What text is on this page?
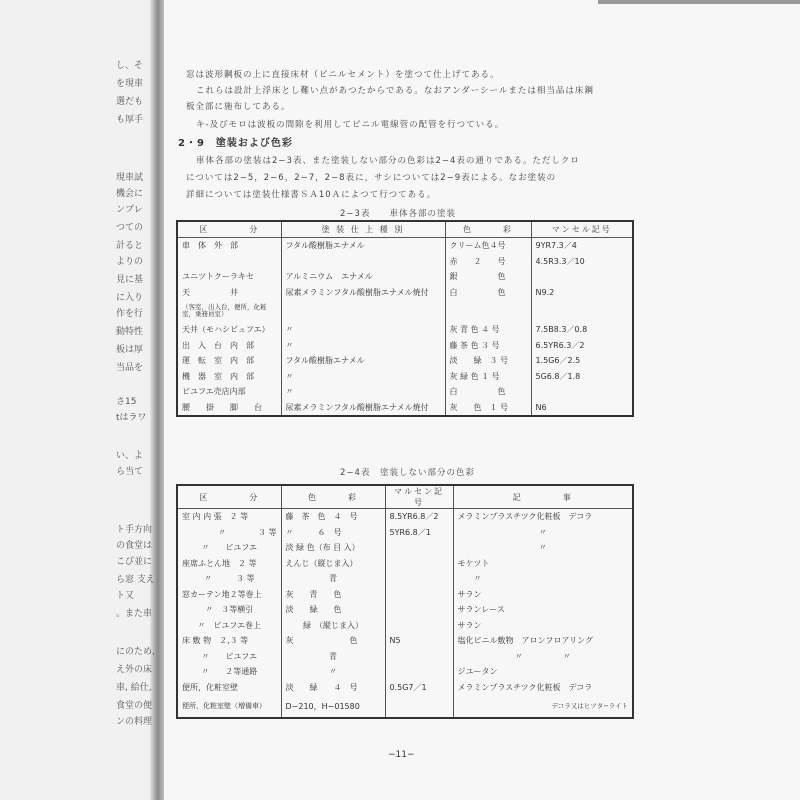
し、そ
を現車
選だも
も厚手
現車試
機会に
ンプレ
つての
計ると
よりの
見に基
に入り
作を行
動特性
板は厚
当品を
さ15
tはラワ
い、よ
ら当て
ト手方向
の食堂は
こび並に
ら窓 支え
ト又
。また車
にのため,
え外の床
車, 給仕,
食堂の便
ンの料理
窓は波形鋼板の上に直接床材（ビニルセメント）を塗つて仕上げてある。
これらは設計上浮床とし難い点があつたからである。なおアンダーシールまたは相当品は床鋼
板全部に施布してある。
キ-及びモロは波板の間隙を利用してビニル電線管の配管を行つている。
2・9　塗装および色彩
車体各部の塗装は2−3表、また塗装しない部分の色彩は2−4表の通りである。ただしクロ
については2−5，2−6，2−7，2−8表に，サシについては2−9表による。なお塗装の
詳細については塗装仕様書ＳＡ10Ａによつて行つてある。
2−3表　　車体各部の塗装
区　　　　分	塗 装 仕 上 種 別	色　　　彩	マンセル記号
車　体　外　部	フタル酸樹脂エナメル	クリーム色４号	9YR7.3／4
		赤　　２　　号	4.5R3.3／10
ユニツトクーラキセ	アルミニウム　エナメル	銀　　　　　色	
天　　　　　井	尿素メラミンフタル酸樹脂エナメル焼付	白　　　　　色	N9.2
（客室，出入台，便所，化粧室，乗務員室）			
天井（モハシビュフエ）	〃	灰 青 色 ４ 号	7.5B8.3／0.8
出　入　台　内　部	〃	藤 茶 色 ３ 号	6.5YR6.3／2
運　転　室　内　部	フタル酸樹脂エナメル	淡　　緑　３ 号	1.5G6／2.5
機　器　室　内　部	〃	灰 緑 色 １ 号	5G6.8／1.8
ビユフエ売店内部	〃	白　　　　　色	
腰　　掛　　脚　　台	尿素メラミンフタル酸樹脂エナメル焼付	灰　　色　１ 号	N6
2−4表　塗装しない部分の色彩
区　　　　分	色　　　彩	マルセン記号	記　　　　事
室 内 内 張　２ 等	藤　茶　色　４　号	8.5YR6.8／2	メラミンプラスチツク化粧板　デコラ
〃　　　　３ 等	〃　　　６　号	5YR6.8／1	〃
〃　　ビユフエ	淡 緑 色（布 目 入）		〃
座席ふとん地　２ 等	えんじ（縦じま入）		モケツト
〃　　　３ 等	青		〃
窓カーテン地２等巻上	灰　　青　　色		サラン
〃　３等横引	淡　　緑　　色		サランレース
〃　ビユフエ巻上	緑　（縦じま入）		サラン
床 敷 物　２,３ 等	灰　　　　　　　色	N5	塩化ビニル敷物　アロンフロアリング
〃　　ビユフエ	青		〃　　　　　〃
〃　　２等通路	〃		ジユータン
便所，化粧室壁	淡　　緑　　４　号	0.5G7／1	メラミンプラスチツク化粧板　デコラ
便所，化粧室壁（増備車）	D−210，H−01580		デコラ又はヒツタ−ライト
−11−
